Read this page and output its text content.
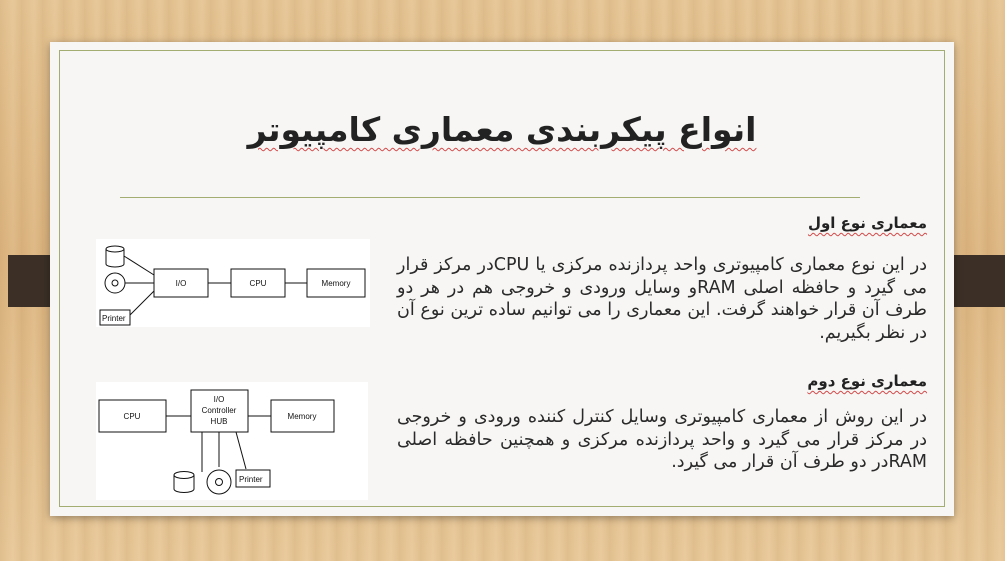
انواع پیکربندی معماری کامپیوتر
معماری نوع اول
در این نوع معماری کامپیوتری واحد پردازنده مرکزی یا CPUدر مرکز قرار می گیرد و حافظه اصلی RAMو وسایل ورودی و خروجی هم در هر دو طرف آن قرار خواهند گرفت. این معماری را می توانیم ساده ترین نوع آن در نظر بگیریم.
معماری نوع دوم
در این روش از معماری کامپیوتری وسایل کنترل کننده ورودی و خروجی در مرکز قرار می گیرد و واحد پردازنده مرکزی و همچنین حافظه اصلی RAMدر دو طرف آن قرار می گیرد.
Printer
I/O	CPU	Memory
CPU
I/O
Controller
HUB
Memory
Printer
